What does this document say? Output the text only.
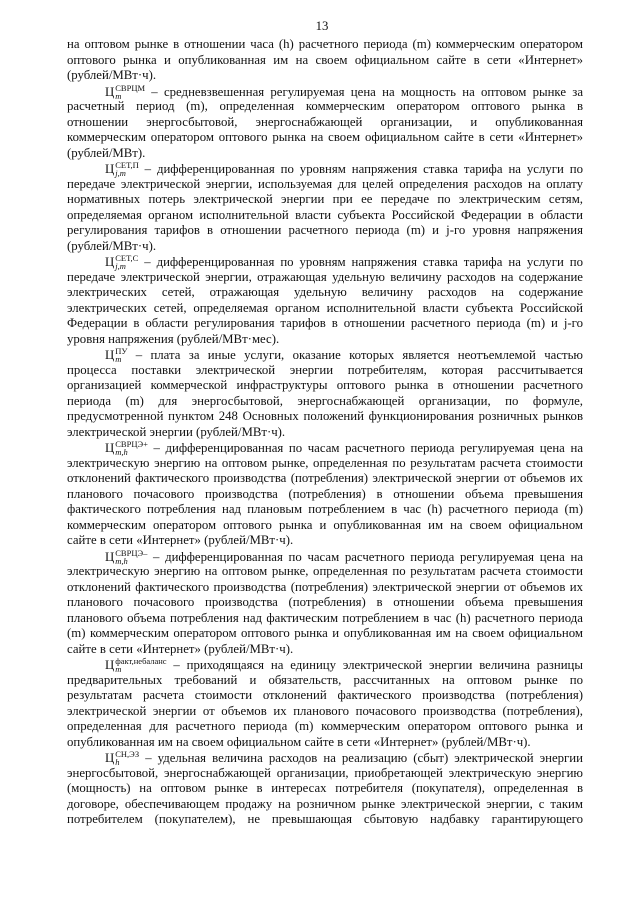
13
на оптовом рынке в отношении часа (h) расчетного периода (m) коммерческим оператором
оптового рынка и опубликованная им на своем официальном сайте в сети «Интернет»
(рублей/МВт·ч).
Ц СВРЦМ
m	– средневзвешенная регулируемая цена на мощность на оптовом рынке за
расчетный период (m), определенная коммерческим оператором оптового рынка в
отношении энергосбытовой, энергоснабжающей организации, и опубликованная
коммерческим оператором оптового рынка на своем официальном сайте в сети «Интернет»
(рублей/МВт).
Ц СЕТ,П
j,m	– дифференцированная по уровням напряжения ставка тарифа на услуги по
передаче электрической энергии, используемая для целей определения расходов на оплату
нормативных потерь электрической энергии при ее передаче по электрическим сетям,
определяемая органом исполнительной власти субъекта Российской Федерации в области
регулирования тарифов в отношении расчетного периода (m) и j-го уровня напряжения
(рублей/МВт·ч).
Ц СЕТ,С
j,m	– дифференцированная по уровням напряжения ставка тарифа на услуги по
передаче электрической энергии, отражающая удельную величину расходов на содержание
электрических сетей, отражающая удельную величину расходов на содержание
электрических сетей, определяемая органом исполнительной власти субъекта Российской
Федерации в области регулирования тарифов в отношении расчетного периода (m) и j-го
уровня напряжения (рублей/МВт·мес).
Ц ПУ
m	– плата за иные услуги, оказание которых является неотъемлемой частью
процесса поставки электрической энергии потребителям, которая рассчитывается
организацией коммерческой инфраструктуры оптового рынка в отношении расчетного
периода (m) для энергосбытовой, энергоснабжающей организации, по формуле,
предусмотренной пунктом 248 Основных положений функционирования розничных рынков
электрической энергии (рублей/МВт·ч).
Ц СВРЦЭ+
m,h	– дифференцированная по часам расчетного периода регулируемая цена на
электрическую энергию на оптовом рынке, определенная по результатам расчета стоимости
отклонений фактического производства (потребления) электрической энергии от объемов их
планового почасового производства (потребления) в отношении объема превышения
фактического потребления над плановым потреблением в час (h) расчетного периода (m)
коммерческим оператором оптового рынка и опубликованная им на своем официальном
сайте в сети «Интернет» (рублей/МВт·ч).
Ц СВРЦЭ–
m,h	– дифференцированная по часам расчетного периода регулируемая цена на
электрическую энергию на оптовом рынке, определенная по результатам расчета стоимости
отклонений фактического производства (потребления) электрической энергии от объемов их
планового почасового производства (потребления) в отношении объема превышения
планового объема потребления над фактическим потреблением в час (h) расчетного периода
(m) коммерческим оператором оптового рынка и опубликованная им на своем официальном
сайте в сети «Интернет» (рублей/МВт·ч).
Ц факт,небаланс
m	– приходящаяся на единицу электрической энергии величина разницы
предварительных требований и обязательств, рассчитанных на оптовом рынке по
результатам расчета стоимости отклонений фактического производства (потребления)
электрической энергии от объемов их планового почасового производства (потребления),
определенная для расчетного периода (m) коммерческим оператором оптового рынка и
опубликованная им на своем официальном сайте в сети «Интернет» (рублей/МВт·ч).
Ц СН,ЭЗ
h	– удельная величина расходов на реализацию (сбыт) электрической энергии
энергосбытовой, энергоснабжающей организации, приобретающей электрическую энергию
(мощность) на оптовом рынке в интересах потребителя (покупателя), определенная в
договоре, обеспечивающем продажу на розничном рынке электрической энергии, с таким
потребителем (покупателем), не превышающая сбытовую надбавку гарантирующего
